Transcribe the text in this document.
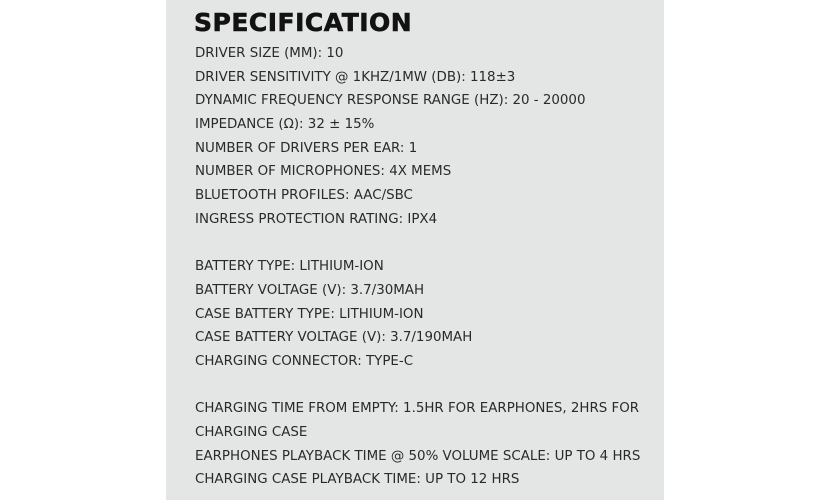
SPECIFICATION
DRIVER SIZE (MM): 10
DRIVER SENSITIVITY @ 1KHZ/1MW (DB): 118±3
DYNAMIC FREQUENCY RESPONSE RANGE (HZ): 20 - 20000
IMPEDANCE (Ω): 32 ± 15%
NUMBER OF DRIVERS PER EAR: 1
NUMBER OF MICROPHONES: 4X MEMS
BLUETOOTH PROFILES: AAC/SBC
INGRESS PROTECTION RATING: IPX4
BATTERY TYPE: LITHIUM-ION
BATTERY VOLTAGE (V): 3.7/30MAH
CASE BATTERY TYPE: LITHIUM-ION
CASE BATTERY VOLTAGE (V): 3.7/190MAH
CHARGING CONNECTOR: TYPE-C
CHARGING TIME FROM EMPTY: 1.5HR FOR EARPHONES, 2HRS FOR
CHARGING CASE
EARPHONES PLAYBACK TIME @ 50% VOLUME SCALE: UP TO 4 HRS
CHARGING CASE PLAYBACK TIME: UP TO 12 HRS
